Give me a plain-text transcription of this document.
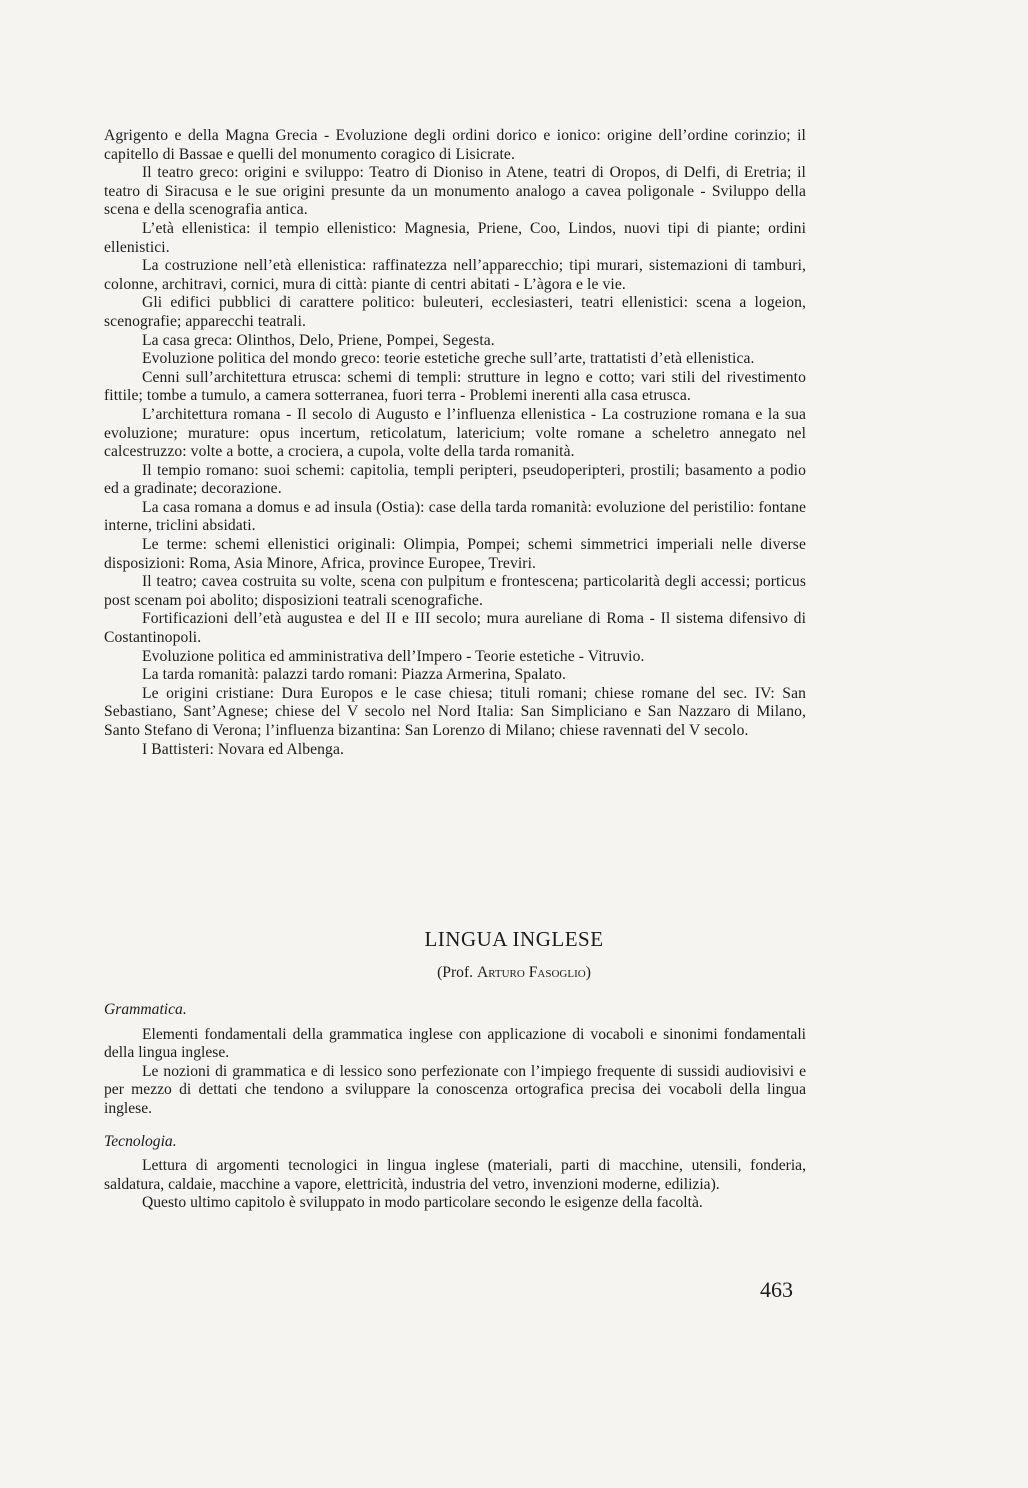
Agrigento e della Magna Grecia - Evoluzione degli ordini dorico e ionico: origine dell’ordine corinzio; il capitello di Bassae e quelli del monumento coragico di Lisicrate.

Il teatro greco: origini e sviluppo: Teatro di Dioniso in Atene, teatri di Oropos, di Delfi, di Eretria; il teatro di Siracusa e le sue origini presunte da un monumento analogo a cavea poligonale - Sviluppo della scena e della scenografia antica.

L’età ellenistica: il tempio ellenistico: Magnesia, Priene, Coo, Lindos, nuovi tipi di piante; ordini ellenistici.

La costruzione nell’età ellenistica: raffinatezza nell’apparecchio; tipi murari, sistemazioni di tamburi, colonne, architravi, cornici, mura di città: piante di centri abitati - L’àgora e le vie.

Gli edifici pubblici di carattere politico: buleuteri, ecclesiasteri, teatri ellenistici: scena a logeion, scenografie; apparecchi teatrali.

La casa greca: Olinthos, Delo, Priene, Pompei, Segesta.

Evoluzione politica del mondo greco: teorie estetiche greche sull’arte, trattatisti d’età ellenistica.

Cenni sull’architettura etrusca: schemi di templi: strutture in legno e cotto; vari stili del rivestimento fittile; tombe a tumulo, a camera sotterranea, fuori terra - Problemi inerenti alla casa etrusca.

L’architettura romana - Il secolo di Augusto e l’influenza ellenistica - La costruzione romana e la sua evoluzione; murature: opus incertum, reticolatum, latericium; volte romane a scheletro annegato nel calcestruzzo: volte a botte, a crociera, a cupola, volte della tarda romanità.

Il tempio romano: suoi schemi: capitolia, templi peripteri, pseudoperipteri, prostili; basamento a podio ed a gradinate; decorazione.

La casa romana a domus e ad insula (Ostia): case della tarda romanità: evoluzione del peristilio: fontane interne, triclini absidati.

Le terme: schemi ellenistici originali: Olimpia, Pompei; schemi simmetrici imperiali nelle diverse disposizioni: Roma, Asia Minore, Africa, province Europee, Treviri.

Il teatro; cavea costruita su volte, scena con pulpitum e frontescena; particolarità degli accessi; porticus post scenam poi abolito; disposizioni teatrali scenografiche.

Fortificazioni dell’età augustea e del II e III secolo; mura aureliane di Roma - Il sistema difensivo di Costantinopoli.

Evoluzione politica ed amministrativa dell’Impero - Teorie estetiche - Vitruvio.

La tarda romanità: palazzi tardo romani: Piazza Armerina, Spalato.

Le origini cristiane: Dura Europos e le case chiesa; tituli romani; chiese romane del sec. IV: San Sebastiano, Sant’Agnese; chiese del V secolo nel Nord Italia: San Simpliciano e San Nazzaro di Milano, Santo Stefano di Verona; l’influenza bizantina: San Lorenzo di Milano; chiese ravennati del V secolo.

I Battisteri: Novara ed Albenga.

LINGUA INGLESE
(Prof. Arturo Fasoglio)

Grammatica.

Elementi fondamentali della grammatica inglese con applicazione di vocaboli e sinonimi fondamentali della lingua inglese.

Le nozioni di grammatica e di lessico sono perfezionate con l’impiego frequente di sussidi audiovisivi e per mezzo di dettati che tendono a sviluppare la conoscenza ortografica precisa dei vocaboli della lingua inglese.

Tecnologia.

Lettura di argomenti tecnologici in lingua inglese (materiali, parti di macchine, utensili, fonderia, saldatura, caldaie, macchine a vapore, elettricità, industria del vetro, invenzioni moderne, edilizia).

Questo ultimo capitolo è sviluppato in modo particolare secondo le esigenze della facoltà.

463
